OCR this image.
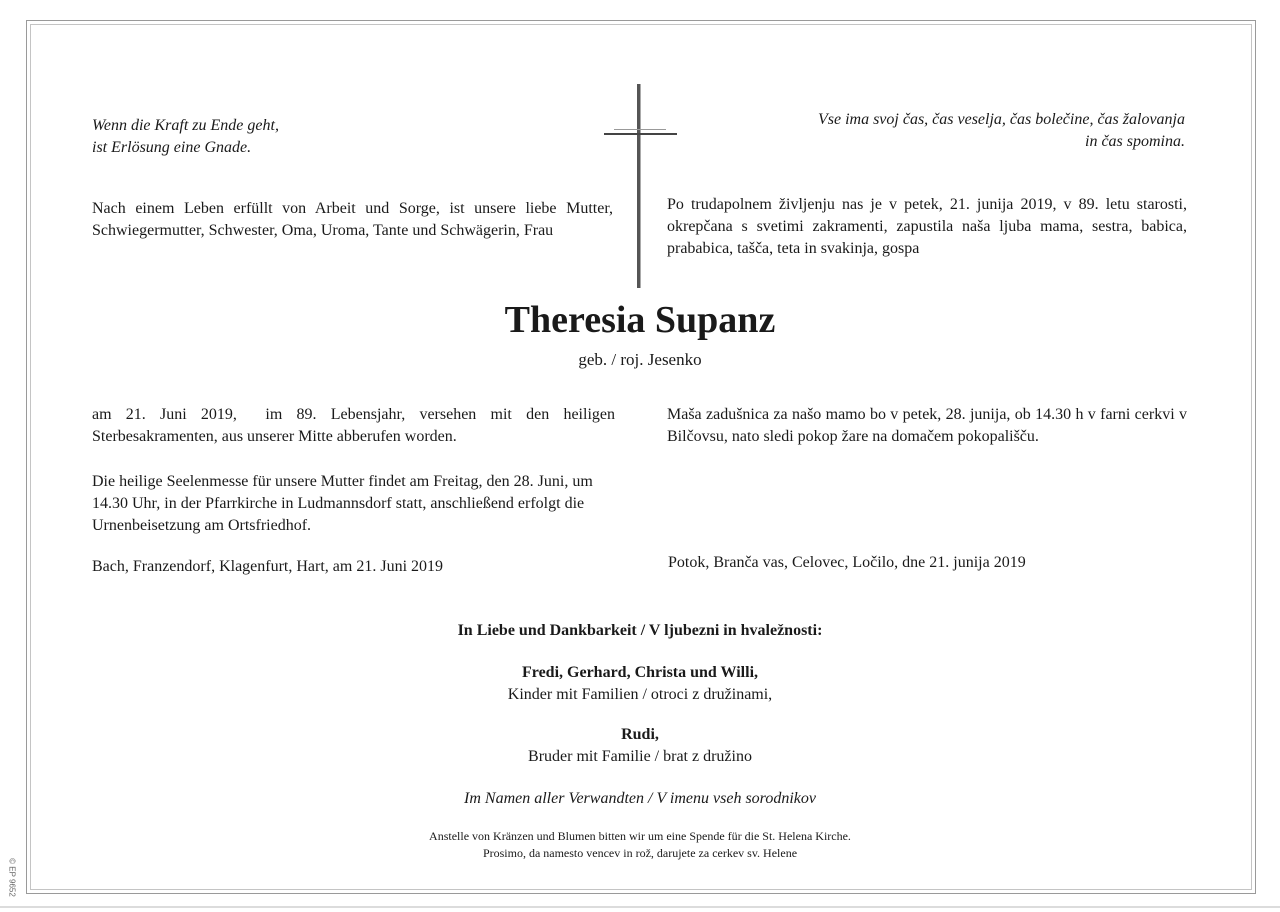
Wenn die Kraft zu Ende geht,
ist Erlösung eine Gnade.
Vse ima svoj čas, čas veselja, čas bolečine, čas žalovanja
in čas spomina.

Nach einem Leben erfüllt von Arbeit und Sorge, ist unsere liebe Mutter, Schwiegermutter, Schwester, Oma, Uroma, Tante und Schwägerin, Frau

Po trudapolnem življenju nas je v petek, 21. junija 2019, v 89. letu starosti, okrepčana s svetimi zakramenti, zapustila naša ljuba mama, sestra, babica, prababica, tašča, teta in svakinja, gospa

Theresia Supanz
geb. / roj. Jesenko

am 21. Juni 2019,  im 89. Lebensjahr, versehen mit den heiligen Sterbesakramenten, aus unserer Mitte abberufen worden.

Maša zadušnica za našo mamo bo v petek, 28. junija, ob 14.30 h v farni cerkvi v Bilčovsu, nato sledi pokop žare na domačem pokopališču.

Die heilige Seelenmesse für unsere Mutter findet am Freitag, den 28. Juni, um 14.30 Uhr, in der Pfarrkirche in Ludmannsdorf statt, anschließend erfolgt die Urnenbeisetzung am Ortsfriedhof.

Bach, Franzendorf, Klagenfurt, Hart, am 21. Juni 2019	Potok, Branča vas, Celovec, Ločilo, dne 21. junija 2019

In Liebe und Dankbarkeit / V ljubezni in hvaležnosti:

Fredi, Gerhard, Christa und Willi,

Kinder mit Familien / otroci z družinami,

Rudi,

Bruder mit Familie / brat z družino

Im Namen aller Verwandten / V imenu vseh sorodnikov

Anstelle von Kränzen und Blumen bitten wir um eine Spende für die St. Helena Kirche.

Prosimo, da namesto vencev in rož, darujete za cerkev sv. Helene

© EP 9652
